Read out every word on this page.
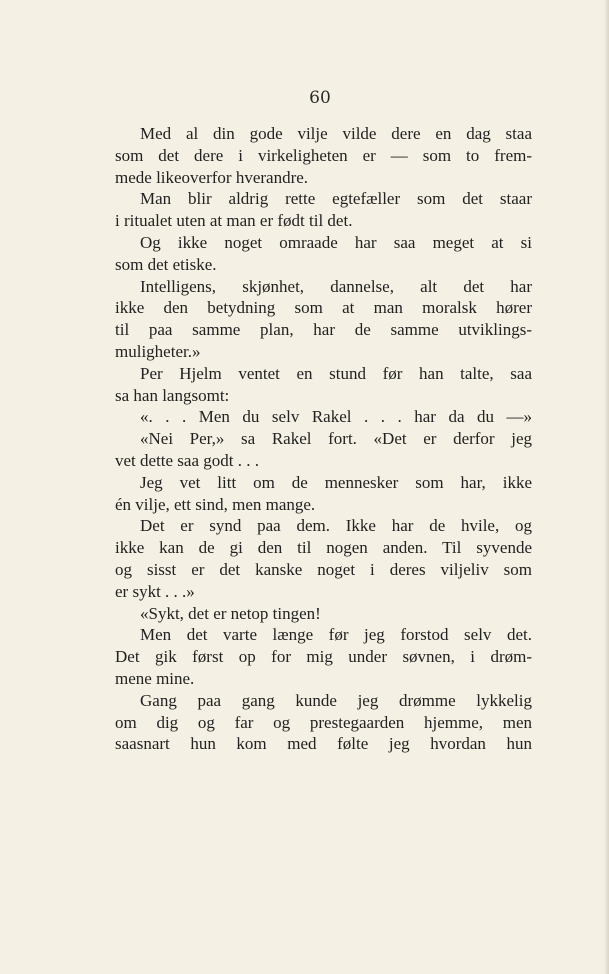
60
Med al din gode vilje vilde dere en dag staa
som det dere i virkeligheten er — som to frem-
mede likeoverfor hverandre.
Man blir aldrig rette egtefæller som det staar
i ritualet uten at man er født til det.
Og ikke noget omraade har saa meget at si
som det etiske.
Intelligens, skjønhet, dannelse, alt det har
ikke den betydning som at man moralsk hører
til paa samme plan, har de samme utviklings-
muligheter.»
Per Hjelm ventet en stund før han talte, saa
sa han langsomt:
«. . . Men du selv Rakel . . . har da du —»
«Nei Per,» sa Rakel fort. «Det er derfor jeg
vet dette saa godt . . .
Jeg vet litt om de mennesker som har, ikke
én vilje, ett sind, men mange.
Det er synd paa dem. Ikke har de hvile, og
ikke kan de gi den til nogen anden. Til syvende
og sisst er det kanske noget i deres viljeliv som
er sykt . . .»
«Sykt, det er netop tingen!
Men det varte længe før jeg forstod selv det.
Det gik først op for mig under søvnen, i drøm-
mene mine.
Gang paa gang kunde jeg drømme lykkelig
om dig og far og prestegaarden hjemme, men
saasnart hun kom med følte jeg hvordan hun
